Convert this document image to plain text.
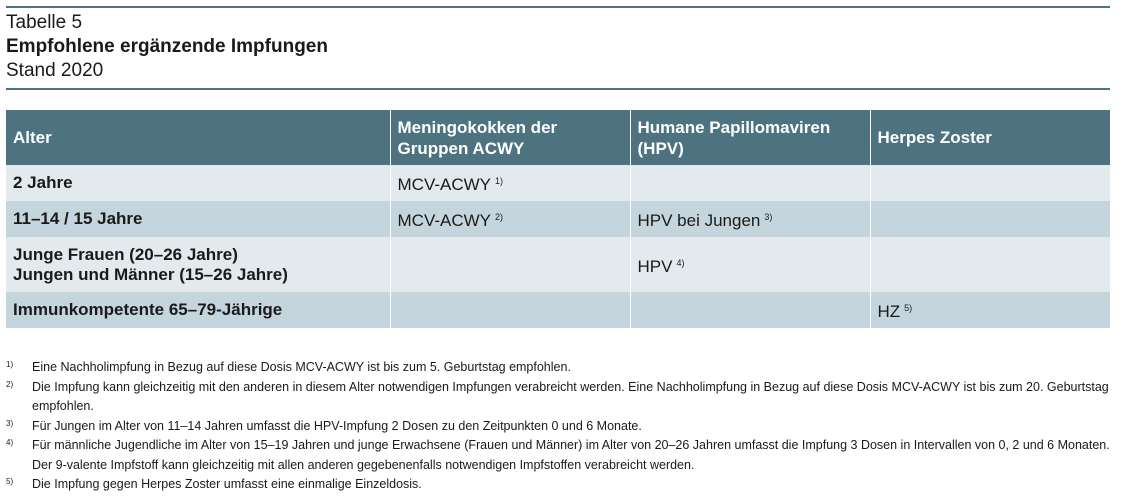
Tabelle 5
Empfohlene ergänzende Impfungen
Stand 2020
Alter	Meningokokken der Gruppen ACWY	Humane Papillomaviren (HPV)	Herpes Zoster
2 Jahre	MCV-ACWY $^{1)}$		
11–14 / 15 Jahre	MCV-ACWY $^{2)}$	HPV bei Jungen $^{3)}$	

Junge Frauen (20–26 Jahre)
Jungen und Männer (15–26 Jahre)		HPV $^{4)}$	
Immunkompetente 65–79-Jährige			HZ $^{5)}$
1)	Eine Nachholimpfung in Bezug auf diese Dosis MCV-ACWY ist bis zum 5. Geburtstag empfohlen.
2)	Die Impfung kann gleichzeitig mit den anderen in diesem Alter notwendigen Impfungen verabreicht werden. Eine Nachholimpfung in Bezug auf diese Dosis MCV-ACWY ist bis zum 20. Geburtstag empfohlen.
3)	Für Jungen im Alter von 11–14 Jahren umfasst die HPV-Impfung 2 Dosen zu den Zeitpunkten 0 und 6 Monate.
4)	Für männliche Jugendliche im Alter von 15–19 Jahren und junge Erwachsene (Frauen und Männer) im Alter von 20–26 Jahren umfasst die Impfung 3 Dosen in Intervallen von 0, 2 und 6 Monaten. Der 9-valente Impfstoff kann gleichzeitig mit allen anderen gegebenenfalls notwendigen Impfstoffen verabreicht werden.
5)	Die Impfung gegen Herpes Zoster umfasst eine einmalige Einzeldosis.
